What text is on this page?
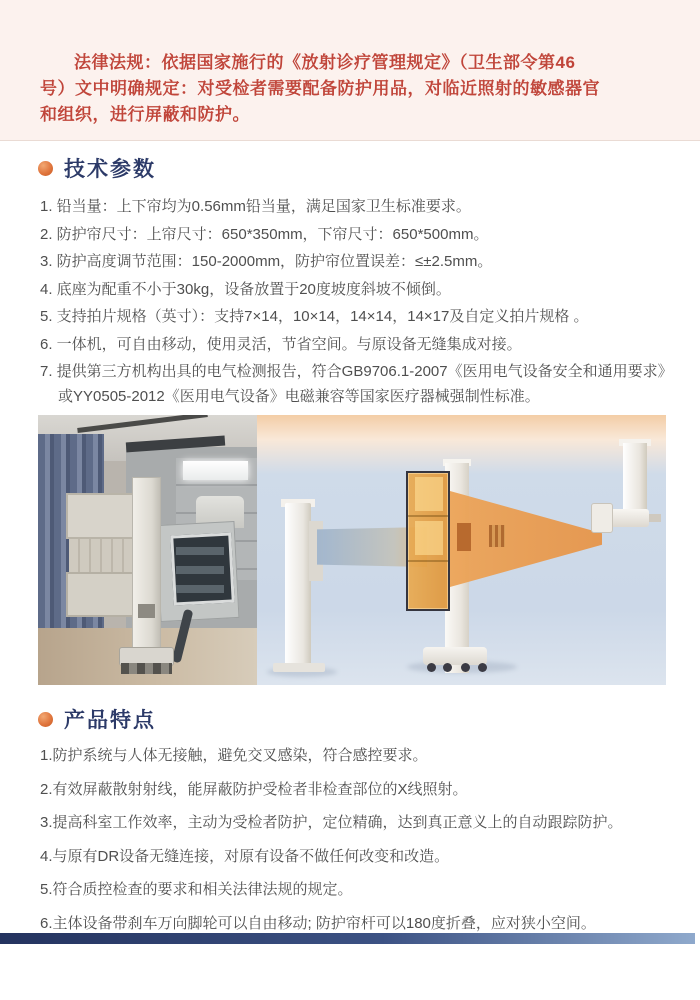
法律法规：依据国家施行的《放射诊疗管理规定》（卫生部令第46
号）文中明确规定：对受检者需要配备防护用品，对临近照射的敏感器官
和组织，进行屏蔽和防护。
技术参数
1. 铅当量：上下帘均为0.56mm铅当量，满足国家卫生标准要求。
2. 防护帘尺寸：上帘尺寸：650*350mm，下帘尺寸：650*500mm。
3. 防护高度调节范围：150-2000mm，防护帘位置误差：≤±2.5mm。
4. 底座为配重不小于30kg，设备放置于20度坡度斜坡不倾倒。
5. 支持拍片规格（英寸）：支持7×14，10×14，14×14，14×17及自定义拍片规格 。
6. 一体机，可自由移动，使用灵活，节省空间。与原设备无缝集成对接。
7. 提供第三方机构出具的电气检测报告，符合GB9706.1-2007《医用电气设备安全和通用要求》或YY0505-2012《医用电气设备》电磁兼容等国家医疗器械强制性标准。
产品特点
1.防护系统与人体无接触，避免交叉感染，符合感控要求。
2.有效屏蔽散射射线，能屏蔽防护受检者非检查部位的X线照射。
3.提高科室工作效率，主动为受检者防护，定位精确，达到真正意义上的自动跟踪防护。
4.与原有DR设备无缝连接，对原有设备不做任何改变和改造。
5.符合质控检查的要求和相关法律法规的规定。
6.主体设备带刹车万向脚轮可以自由移动; 防护帘杆可以180度折叠，应对狭小空间。
